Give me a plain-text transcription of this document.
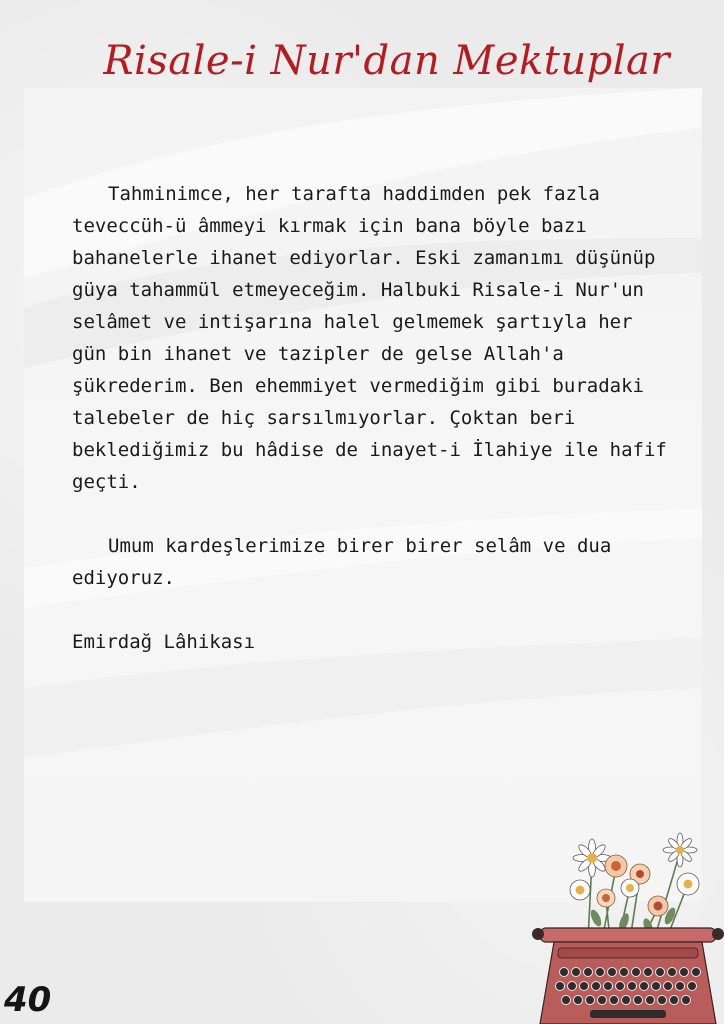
Risale-i Nur'dan Mektuplar

Tahminimce, her tarafta haddimden pek fazla teveccüh-ü âmmeyi kırmak için bana böyle bazı bahanelerle ihanet ediyorlar. Eski zamanımı düşünüp güya tahammül etmeyeceğim. Halbuki Risale-i Nur'un selâmet ve intişarına halel gelmemek şartıyla her gün bin ihanet ve tazipler de gelse Allah'a şükrederim. Ben ehemmiyet vermediğim gibi buradaki talebeler de hiç sarsılmıyorlar. Çoktan beri beklediğimiz bu hâdise de inayet-i İlahiye ile hafif geçti.

Umum kardeşlerimize birer birer selâm ve dua ediyoruz.

Emirdağ Lâhikası
40
